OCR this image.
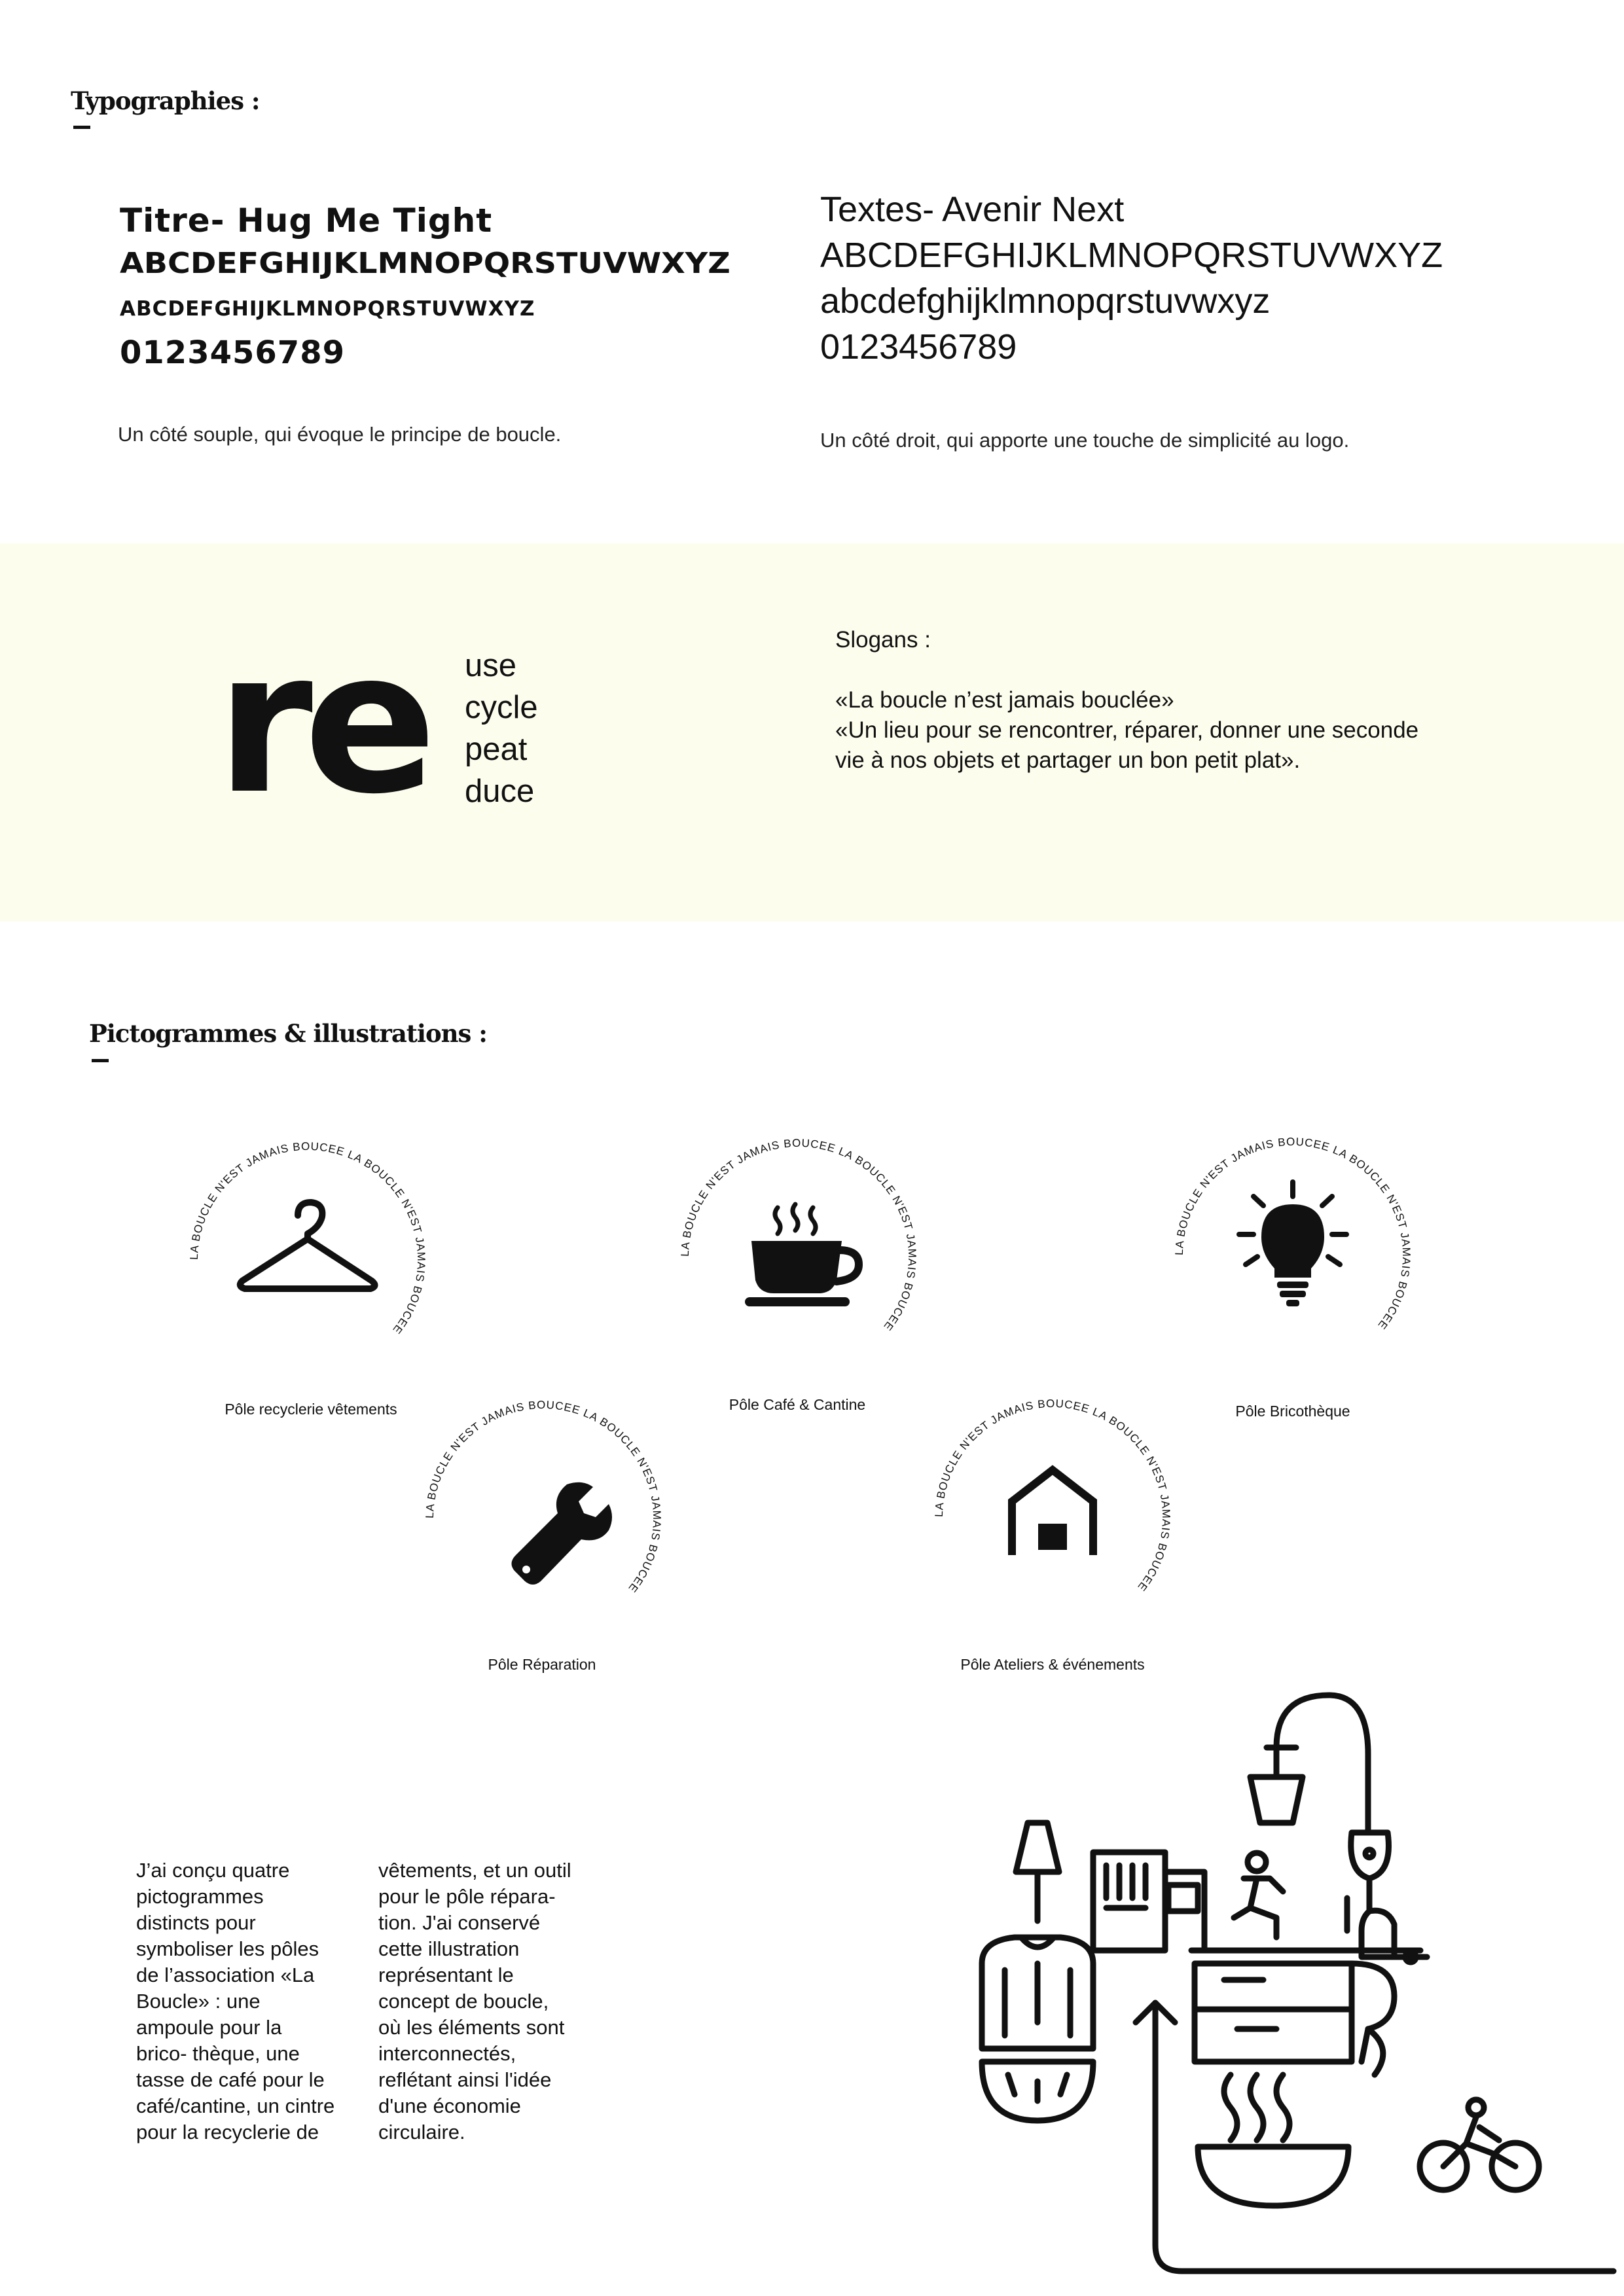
Typographies :
Titre- Hug Me Tight
ABCDEFGHIJKLMNOPQRSTUVWXYZ
ABCDEFGHIJKLMNOPQRSTUVWXYZ
0123456789
Un côté souple, qui évoque le principe de boucle.
Textes- Avenir Next
ABCDEFGHIJKLMNOPQRSTUVWXYZ
abcdefghijklmnopqrstuvwxyz
0123456789
Un côté droit, qui apporte une touche de simplicité au logo.
re use
cycle
peat
duce
Slogans :
«La boucle n’est jamais bouclée»
«Un lieu pour se rencontrer, réparer, donner une seconde vie à nos objets et partager un bon petit plat».
Pictogrammes & illustrations :
LA BOUCLE N'EST JAMAIS BOUCEE LA BOUCLE N'EST JAMAIS BOUCEE
Pôle recyclerie vêtements
LA BOUCLE N'EST JAMAIS BOUCEE LA BOUCLE N'EST JAMAIS BOUCEE
Pôle Café & Cantine
LA BOUCLE N'EST JAMAIS BOUCEE LA BOUCLE N'EST JAMAIS BOUCEE
Pôle Bricothèque
LA BOUCLE N'EST JAMAIS BOUCEE LA BOUCLE N'EST JAMAIS BOUCEE
Pôle Réparation
LA BOUCLE N'EST JAMAIS BOUCEE LA BOUCLE N'EST JAMAIS BOUCEE
Pôle Ateliers & événements
J’ai conçu quatre
pictogrammes
distincts pour
symboliser les pôles
de l’association «La
Boucle» : une
ampoule pour la
brico- thèque, une
tasse de café pour le
café/cantine, un cintre
pour la recyclerie de
vêtements, et un outil
pour le pôle répara-
tion. J'ai conservé
cette illustration
représentant le
concept de boucle,
où les éléments sont
interconnectés,
reflétant ainsi l'idée
d'une économie
circulaire.
